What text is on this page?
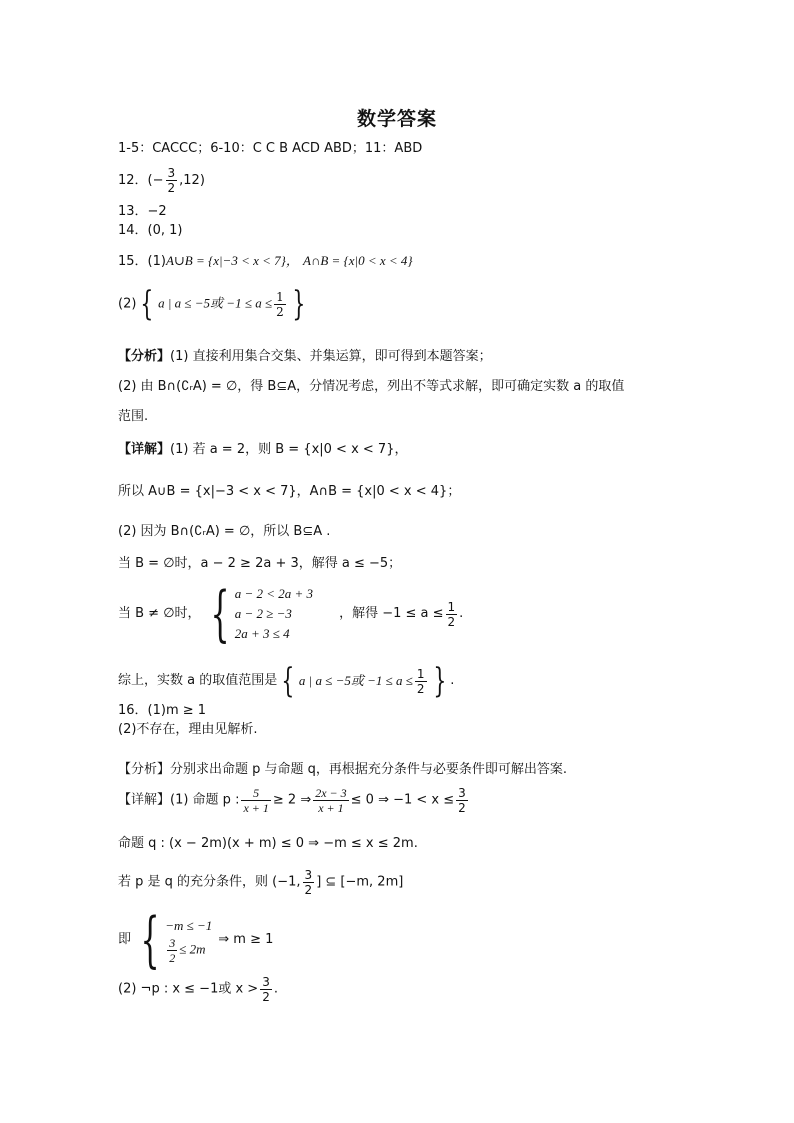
数学答案
1-5：CACCC；6-10：C C B ACD ABD；11：ABD
12．(− $\frac{3}{2} ,12$)
13．−2
14．(0, 1)
15．(1)A∪B = {x|−3 < x < 7}， A∩B = {x|0 < x < 4}
(2) { a | a ≤ −5或 $-1 \le a \le \frac{1}{2}$ }
【分析】(1) 直接利用集合交集、并集运算，即可得到本题答案；
(2) 由 B∩(∁ᵣA) = ∅，得 B⊆A，分情况考虑，列出不等式求解，即可确定实数 a 的取值
范围.
【详解】(1) 若 a = 2，则 B = {x|0 < x < 7}，
所以 A∪B = {x|−3 < x < 7}，A∩B = {x|0 < x < 4}；
(2) 因为 B∩(∁ᵣA) = ∅，所以 B⊆A .
当 B = ∅时，a − 2 ≥ 2a + 3，解得 a ≤ −5；
当 B ≠ ∅时， { a − 2 < 2a + 3
a − 2 ≥ −3
2a + 3 ≤ 4
，解得 $-1 \le a \le \frac{1}{2}$ .
综上，实数 a 的取值范围是 { a | a ≤ −5或 $-1 \le a \le \frac{1}{2}$ } .
16．(1)m ≥ 1
(2)不存在，理由见解析.
【分析】分别求出命题 p 与命题 q，再根据充分条件与必要条件即可解出答案.
【详解】(1) 命题 p : $\frac{5}{x + 1} \ge 2$ ⇒ $\frac{2x - 3}{x + 1} \le 0$ ⇒ $-1 < x \le \frac{3}{2}$
命题 q : (x − 2m)(x + m) ≤ 0 ⇒ −m ≤ x ≤ 2m.
若 p 是 q 的充分条件，则 (−1, $\frac{3}{2}$ ] ⊆ [−m, 2m]
即 { −m ≤ −1
$\frac{3}{2} \le 2m$
⇒ m ≥ 1
(2) ¬p : x ≤ −1或 $x > \frac{3}{2}$ .
